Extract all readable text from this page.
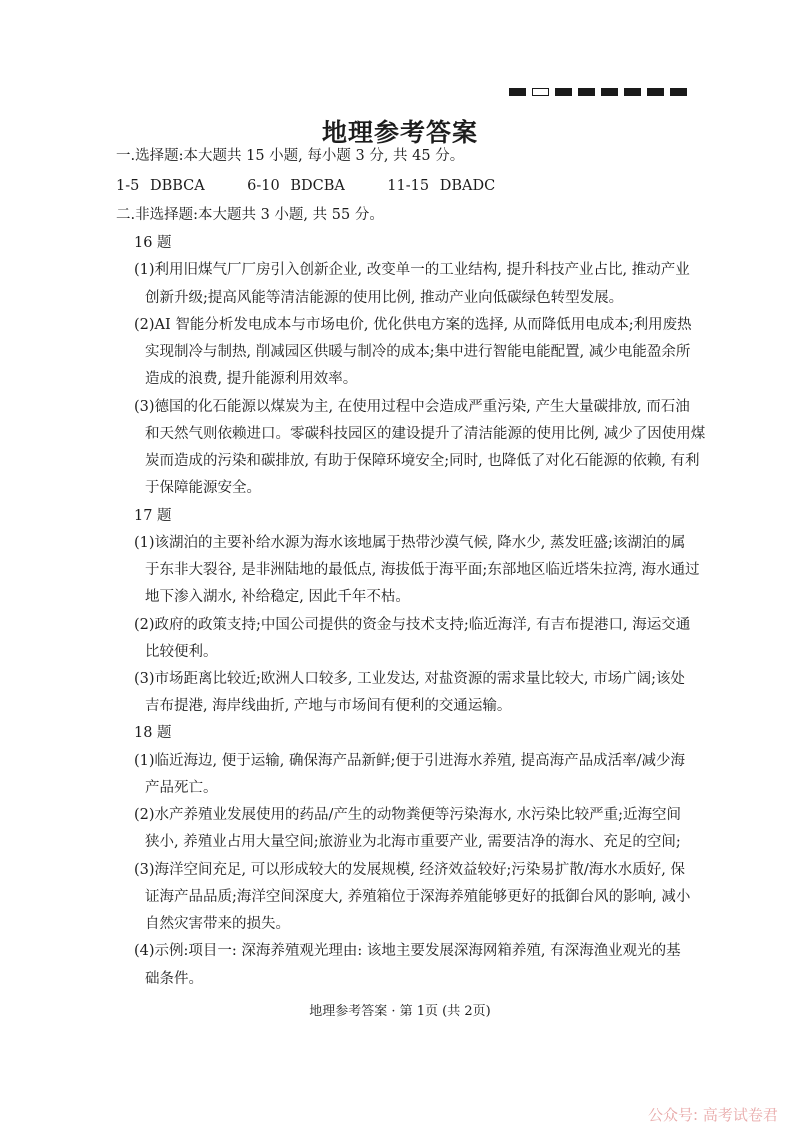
地理参考答案
一.选择题:本大题共 15 小题, 每小题 3 分, 共 45 分。
1-5 DBBCA    6-10 BDCBA    11-15 DBADC
二.非选择题:本大题共 3 小题, 共 55 分。
16 题
(1)利用旧煤气厂厂房引入创新企业, 改变单一的工业结构, 提升科技产业占比, 推动产业
创新升级;提高风能等清洁能源的使用比例, 推动产业向低碳绿色转型发展。
(2)AI 智能分析发电成本与市场电价, 优化供电方案的选择, 从而降低用电成本;利用废热
实现制冷与制热, 削减园区供暖与制冷的成本;集中进行智能电能配置, 减少电能盈余所
造成的浪费, 提升能源利用效率。
(3)德国的化石能源以煤炭为主, 在使用过程中会造成严重污染, 产生大量碳排放, 而石油
和天然气则依赖进口。零碳科技园区的建设提升了清洁能源的使用比例, 减少了因使用煤
炭而造成的污染和碳排放, 有助于保障环境安全;同时, 也降低了对化石能源的依赖, 有利
于保障能源安全。
17 题
(1)该湖泊的主要补给水源为海水该地属于热带沙漠气候, 降水少, 蒸发旺盛;该湖泊的属
于东非大裂谷, 是非洲陆地的最低点, 海拔低于海平面;东部地区临近塔朱拉湾, 海水通过
地下渗入湖水, 补给稳定, 因此千年不枯。
(2)政府的政策支持;中国公司提供的资金与技术支持;临近海洋, 有吉布提港口, 海运交通
比较便利。
(3)市场距离比较近;欧洲人口较多, 工业发达, 对盐资源的需求量比较大, 市场广阔;该处
吉布提港, 海岸线曲折, 产地与市场间有便利的交通运输。
18 题
(1)临近海边, 便于运输, 确保海产品新鲜;便于引进海水养殖, 提高海产品成活率/减少海
产品死亡。
(2)水产养殖业发展使用的药品/产生的动物粪便等污染海水, 水污染比较严重;近海空间
狭小, 养殖业占用大量空间;旅游业为北海市重要产业, 需要洁净的海水、充足的空间;
(3)海洋空间充足, 可以形成较大的发展规模, 经济效益较好;污染易扩散/海水水质好, 保
证海产品品质;海洋空间深度大, 养殖箱位于深海养殖能够更好的抵御台风的影响, 减小
自然灾害带来的损失。
(4)示例:项目一: 深海养殖观光理由: 该地主要发展深海网箱养殖, 有深海渔业观光的基
础条件。
地理参考答案 · 第 1页 (共 2页)
公众号: 高考试卷君
